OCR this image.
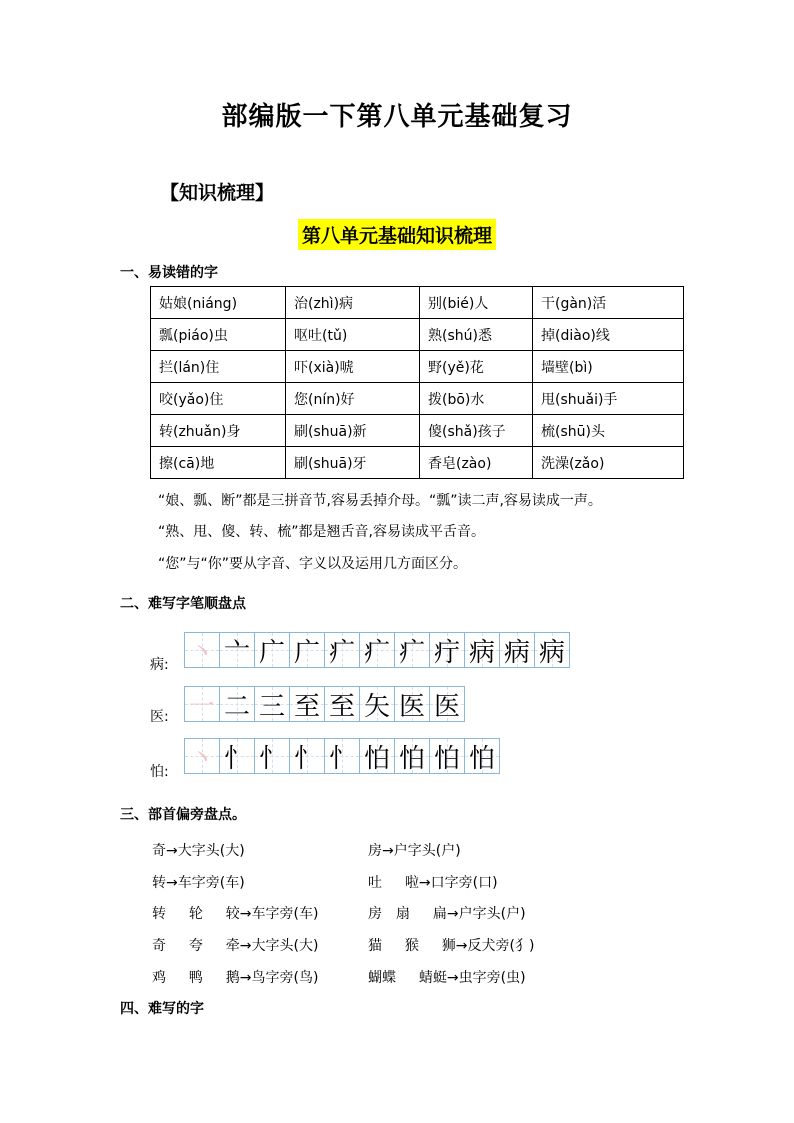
部编版一下第八单元基础复习
【知识梳理】
第八单元基础知识梳理
一、易读错的字
姑娘(niáng)	治(zhì)病	别(bié)人	干(gàn)活
瓢(piáo)虫	呕吐(tǔ)	熟(shú)悉	掉(diào)线
拦(lán)住	吓(xià)唬	野(yě)花	墙壁(bì)
咬(yǎo)住	您(nín)好	拨(bō)水	甩(shuǎi)手
转(zhuǎn)身	刷(shuā)新	傻(shǎ)孩子	梳(shū)头
擦(cā)地	刷(shuā)牙	香皂(zào)	洗澡(zǎo)
“娘、瓢、断”都是三拼音节,容易丢掉介母。“瓢”读二声,容易读成一声。
“熟、甩、傻、转、梳”都是翘舌音,容易读成平舌音。
“您”与“你”要从字音、字义以及运用几方面区分。
二、难写字笔顺盘点
病: 丶 亠 广 广 疒 疒 疒 疔 病 病 病
医: 一 二 三 至 至 矢 医 医
怕: 丶 忄 忄 忄 忄 怕 怕 怕 怕
三、部首偏旁盘点。
奇→大字头(大)	房→户字头(户)
转→车字旁(车)	吐　  啦→口字旁(口)
转　  轮　  较→车字旁(车)	房　扇　  扁→户字头(户)
奇　  夸　  牵→大字头(大)	猫　  猴　  狮→反犬旁(犭)
鸡　  鸭　  鹅→鸟字旁(鸟)	蝴蝶　  蜻蜓→虫字旁(虫)
四、难写的字
